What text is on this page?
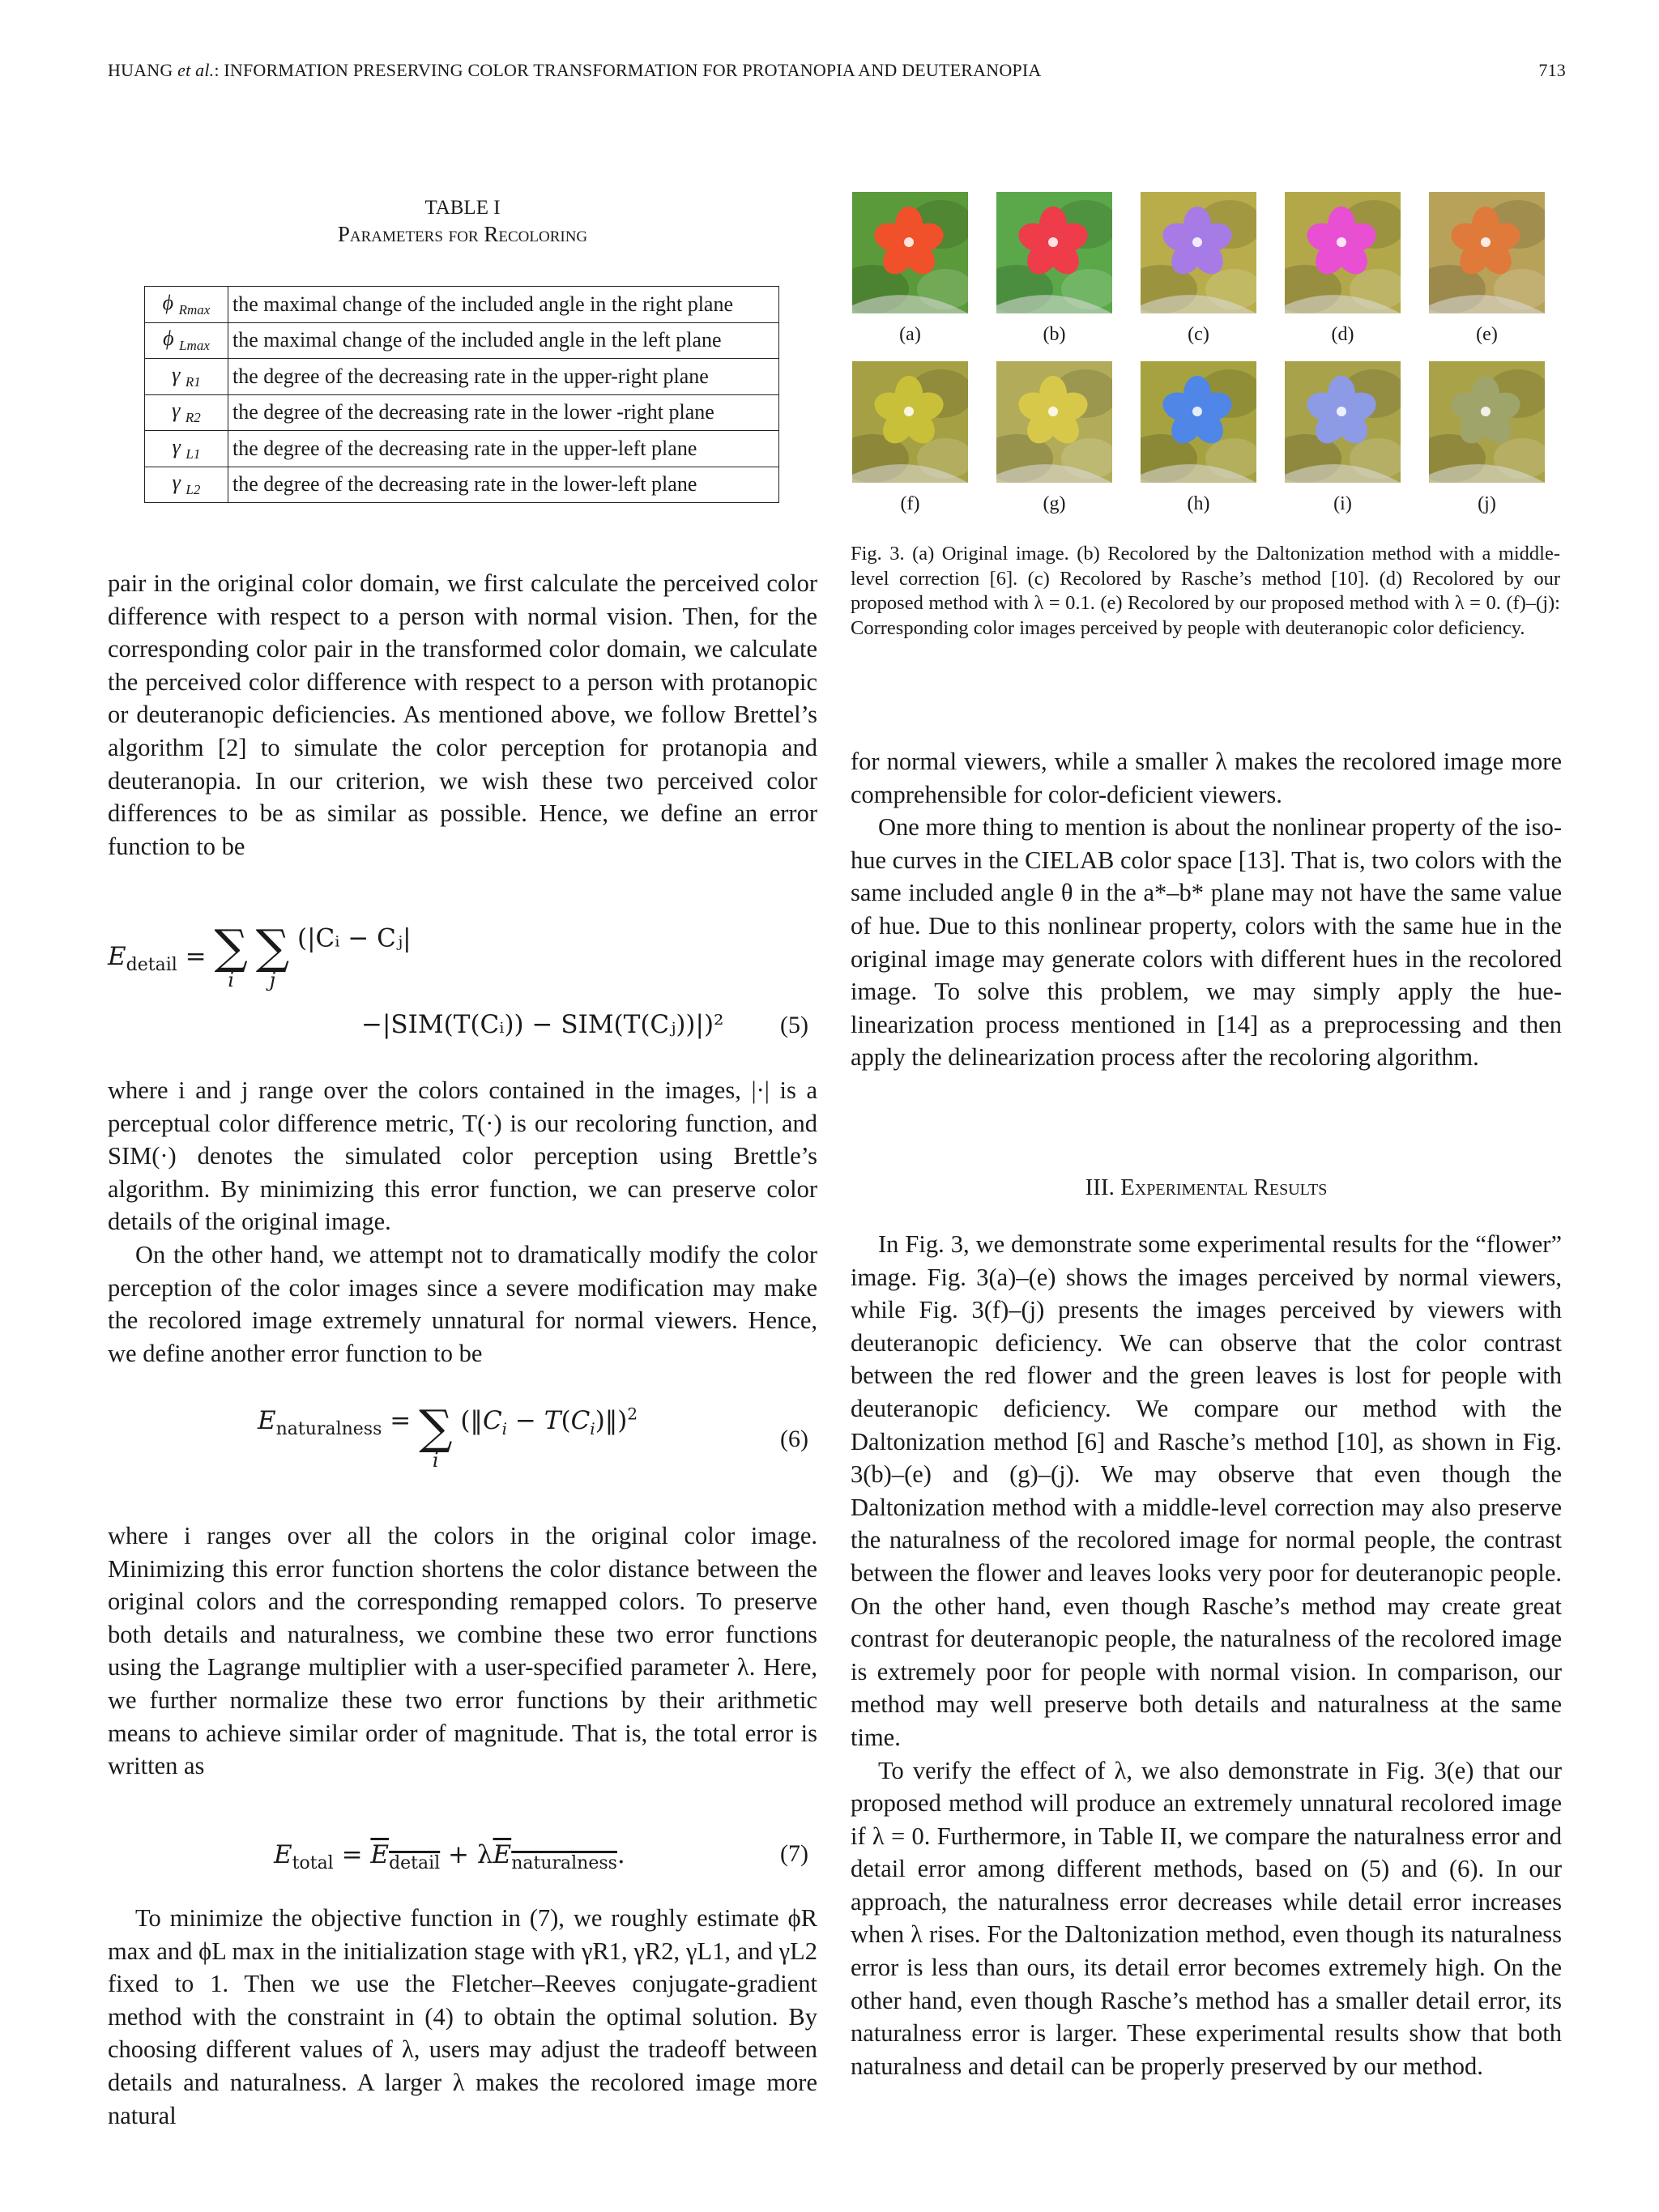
HUANG et al.: INFORMATION PRESERVING COLOR TRANSFORMATION FOR PROTANOPIA AND DEUTERANOPIA	713
TABLE I
Parameters for Recoloring
ϕ $_{Rmax}$	the maximal change of the included angle in the right plane
ϕ $_{Lmax}$	the maximal change of the included angle in the left plane
γ $_{R1}$	the degree of the decreasing rate in the upper-right plane
γ $_{R2}$	the degree of the decreasing rate in the lower -right plane
γ $_{L1}$	the degree of the decreasing rate in the upper-left plane
γ $_{L2}$	the degree of the decreasing rate in the lower-left plane

pair in the original color domain, we first calculate the perceived color difference with respect to a person with normal vision. Then, for the corresponding color pair in the transformed color domain, we calculate the perceived color difference with respect to a person with protanopic or deuteranopic deficiencies. As mentioned above, we follow Brettel’s algorithm [2] to simulate the color perception for protanopia and deuteranopia. In our criterion, we wish these two perceived color differences to be as similar as possible. Hence, we define an error function to be

$E_{detail}$ = ∑
i
∑
j
(|Cᵢ − Cⱼ|
−|SIM(T(Cᵢ)) − SIM(T(Cⱼ))|)² (5)

where i and j range over the colors contained in the images, |·| is a perceptual color difference metric, T(·) is our recoloring function, and SIM(·) denotes the simulated color perception using Brettle’s algorithm. By minimizing this error function, we can preserve color details of the original image.

On the other hand, we attempt not to dramatically modify the color perception of the color images since a severe modification may make the recolored image extremely unnatural for normal viewers. Hence, we define another error function to be

$E_{naturalness}$ = ∑
i
($‖C_i$ − $T(C_i)‖)^2$
(6)

where i ranges over all the colors in the original color image. Minimizing this error function shortens the color distance between the original colors and the corresponding remapped colors. To preserve both details and naturalness, we combine these two error functions using the Lagrange multiplier with a user-specified parameter λ. Here, we further normalize these two error functions by their arithmetic means to achieve similar order of magnitude. That is, the total error is written as

$E_{total} = E_{detail} + \lambda E_{naturalness}$.	(7)

To minimize the objective function in (7), we roughly estimate ϕR max and ϕL max in the initialization stage with γR1, γR2, γL1, and γL2 fixed to 1. Then we use the Fletcher–Reeves conjugate-gradient method with the constraint in (4) to obtain the optimal solution. By choosing different values of λ, users may adjust the tradeoff between details and naturalness. A larger λ makes the recolored image more natural

(a)	(b)	(c)	(d)	(e)
(f)	(g)	(h)	(i)	(j)
Fig. 3. (a) Original image. (b) Recolored by the Daltonization method with a middle-level correction [6]. (c) Recolored by Rasche’s method [10]. (d) Recolored by our proposed method with λ = 0.1. (e) Recolored by our proposed method with λ = 0. (f)–(j): Corresponding color images perceived by people with deuteranopic color deficiency.

for normal viewers, while a smaller λ makes the recolored image more comprehensible for color-deficient viewers.

One more thing to mention is about the nonlinear property of the iso-hue curves in the CIELAB color space [13]. That is, two colors with the same included angle θ in the a*–b* plane may not have the same value of hue. Due to this nonlinear property, colors with the same hue in the original image may generate colors with different hues in the recolored image. To solve this problem, we may simply apply the hue-linearization process mentioned in [14] as a preprocessing and then apply the delinearization process after the recoloring algorithm.

III. Experimental Results

In Fig. 3, we demonstrate some experimental results for the “flower” image. Fig. 3(a)–(e) shows the images perceived by normal viewers, while Fig. 3(f)–(j) presents the images perceived by viewers with deuteranopic deficiency. We can observe that the color contrast between the red flower and the green leaves is lost for people with deuteranopic deficiency. We compare our method with the Daltonization method [6] and Rasche’s method [10], as shown in Fig. 3(b)–(e) and (g)–(j). We may observe that even though the Daltonization method with a middle-level correction may also preserve the naturalness of the recolored image for normal people, the contrast between the flower and leaves looks very poor for deuteranopic people. On the other hand, even though Rasche’s method may create great contrast for deuteranopic people, the naturalness of the recolored image is extremely poor for people with normal vision. In comparison, our method may well preserve both details and naturalness at the same time.

To verify the effect of λ, we also demonstrate in Fig. 3(e) that our proposed method will produce an extremely unnatural recolored image if λ = 0. Furthermore, in Table II, we compare the naturalness error and detail error among different methods, based on (5) and (6). In our approach, the naturalness error decreases while detail error increases when λ rises. For the Daltonization method, even though its naturalness error is less than ours, its detail error becomes extremely high. On the other hand, even though Rasche’s method has a smaller detail error, its naturalness error is larger. These experimental results show that both naturalness and detail can be properly preserved by our method.
